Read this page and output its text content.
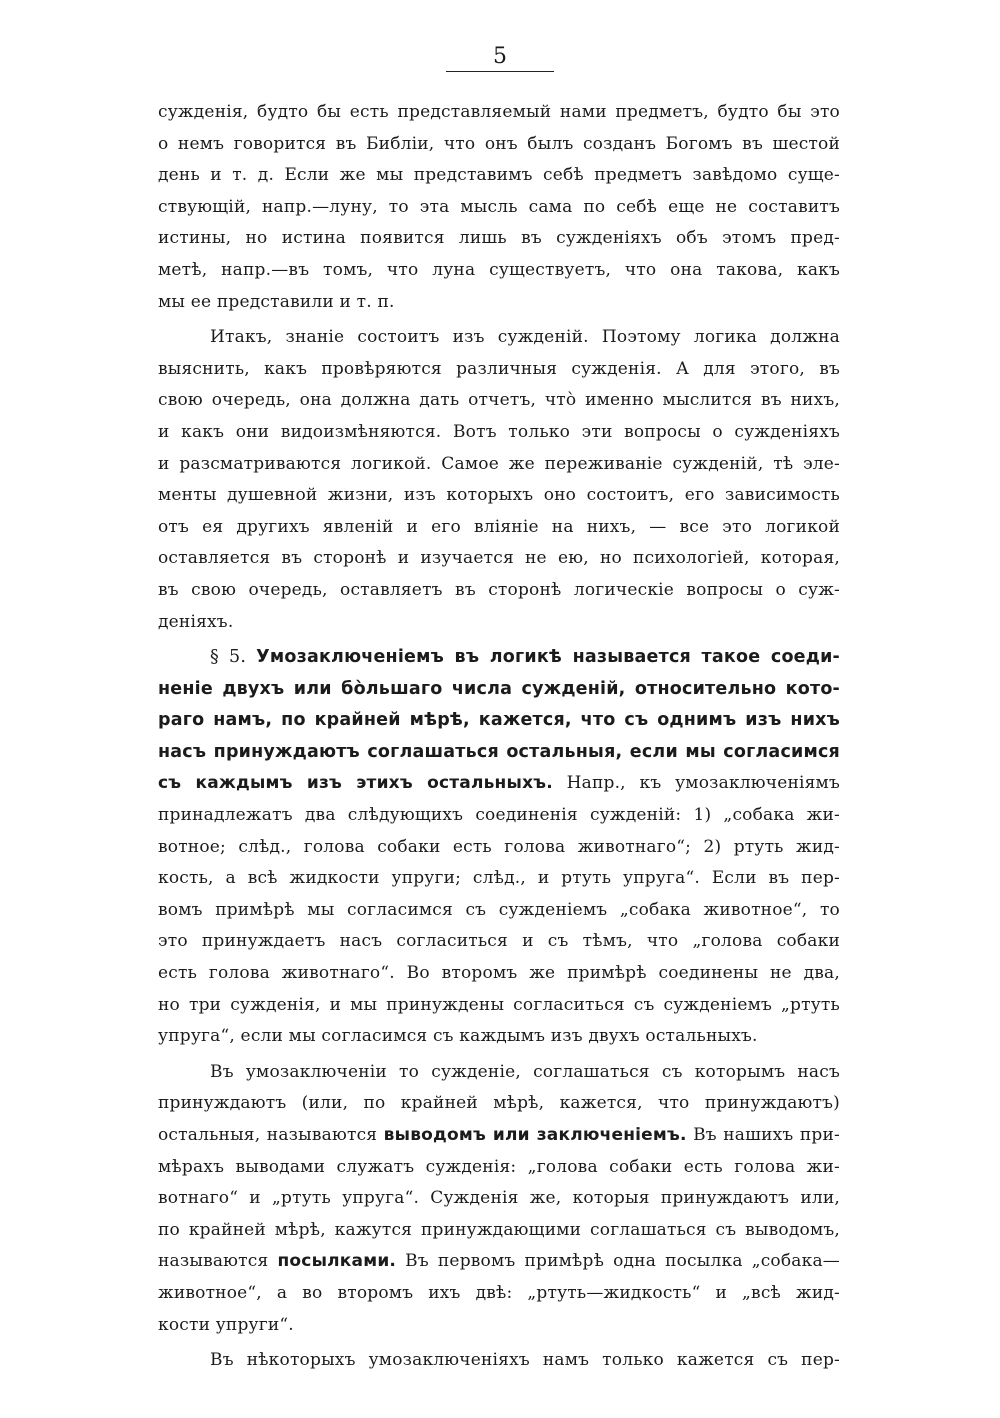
5
сужденія, будто бы есть представляемый нами предметъ, будто бы это
о немъ говорится въ Библіи, что онъ былъ созданъ Богомъ въ шестой
день и т. д. Если же мы представимъ себѣ предметъ завѣдомо суще-
ствующій, напр.—луну, то эта мысль сама по себѣ еще не составитъ
истины, но истина появится лишь въ сужденіяхъ объ этомъ пред-
метѣ, напр.—въ томъ, что луна существуетъ, что она такова, какъ
мы ее представили и т. п.
Итакъ, знаніе состоитъ изъ сужденій. Поэтому логика должна
выяснить, какъ провѣряются различныя сужденія. А для этого, въ
свою очередь, она должна дать отчетъ, что̀ именно мыслится въ нихъ,
и какъ они видоизмѣняются. Вотъ только эти вопросы о сужденіяхъ
и разсматриваются логикой. Самое же переживаніе сужденій, тѣ эле-
менты душевной жизни, изъ которыхъ оно состоитъ, его зависимость
отъ ея другихъ явленій и его вліяніе на нихъ, — все это логикой
оставляется въ сторонѣ и изучается не ею, но психологіей, которая,
въ свою очередь, оставляетъ въ сторонѣ логическіе вопросы о суж-
деніяхъ.
§ 5. Умозаключеніемъ въ логикѣ называется такое соеди-
неніе двухъ или бо̀льшаго числа сужденій, относительно кото-
раго намъ, по крайней мѣрѣ, кажется, что съ однимъ изъ нихъ
насъ принуждаютъ соглашаться остальныя, если мы согласимся
съ каждымъ изъ этихъ остальныхъ. Напр., къ умозаключеніямъ
принадлежатъ два слѣдующихъ соединенія сужденій: 1) „собака жи-
вотное; слѣд., голова собаки есть голова животнаго“; 2) ртуть жид-
кость, а всѣ жидкости упруги; слѣд., и ртуть упруга“. Если въ пер-
вомъ примѣрѣ мы согласимся съ сужденіемъ „собака животное“, то
это принуждаетъ насъ согласиться и съ тѣмъ, что „голова собаки
есть голова животнаго“. Во второмъ же примѣрѣ соединены не два,
но три сужденія, и мы принуждены согласиться съ сужденіемъ „ртуть
упруга“, если мы согласимся съ каждымъ изъ двухъ остальныхъ.
Въ умозаключеніи то сужденіе, соглашаться съ которымъ насъ
принуждаютъ (или, по крайней мѣрѣ, кажется, что принуждаютъ)
остальныя, называются выводомъ или заключеніемъ. Въ нашихъ при-
мѣрахъ выводами служатъ сужденія: „голова собаки есть голова жи-
вотнаго“ и „ртуть упруга“. Сужденія же, которыя принуждаютъ или,
по крайней мѣрѣ, кажутся принуждающими соглашаться съ выводомъ,
называются посылками. Въ первомъ примѣрѣ одна посылка „собака—
животное“, а во второмъ ихъ двѣ: „ртуть—жидкость“ и „всѣ жид-
кости упруги“.
Въ нѣкоторыхъ умозаключеніяхъ намъ только кажется съ пер-
